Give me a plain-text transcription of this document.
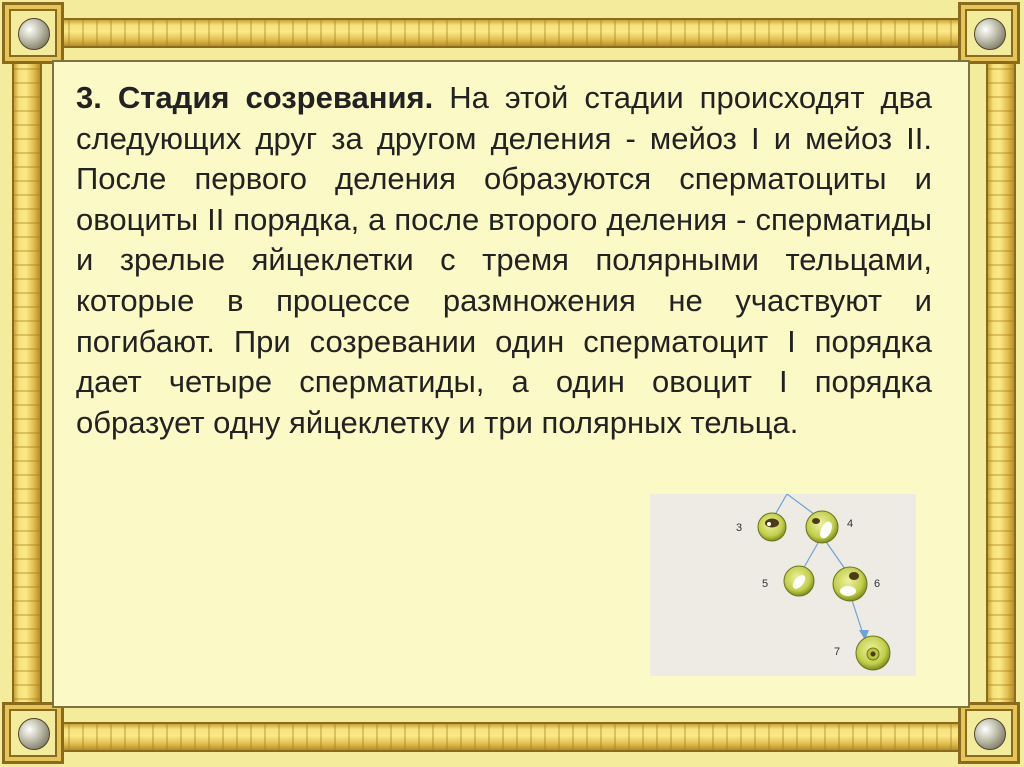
3. Стадия созревания. На этой стадии происходят два следующих друг за другом деления - мейоз I и мейоз II. После первого деления образуются сперматоциты и овоциты II порядка, а после второго деления - сперматиды и зрелые яйцеклетки с тремя полярными тельцами, которые в процессе размножения не участвуют и погибают. При созревании один сперматоцит I порядка дает четыре сперматиды, а один овоцит I порядка образует одну яйцеклетку и три полярных тельца.

3	4
5	6
7
